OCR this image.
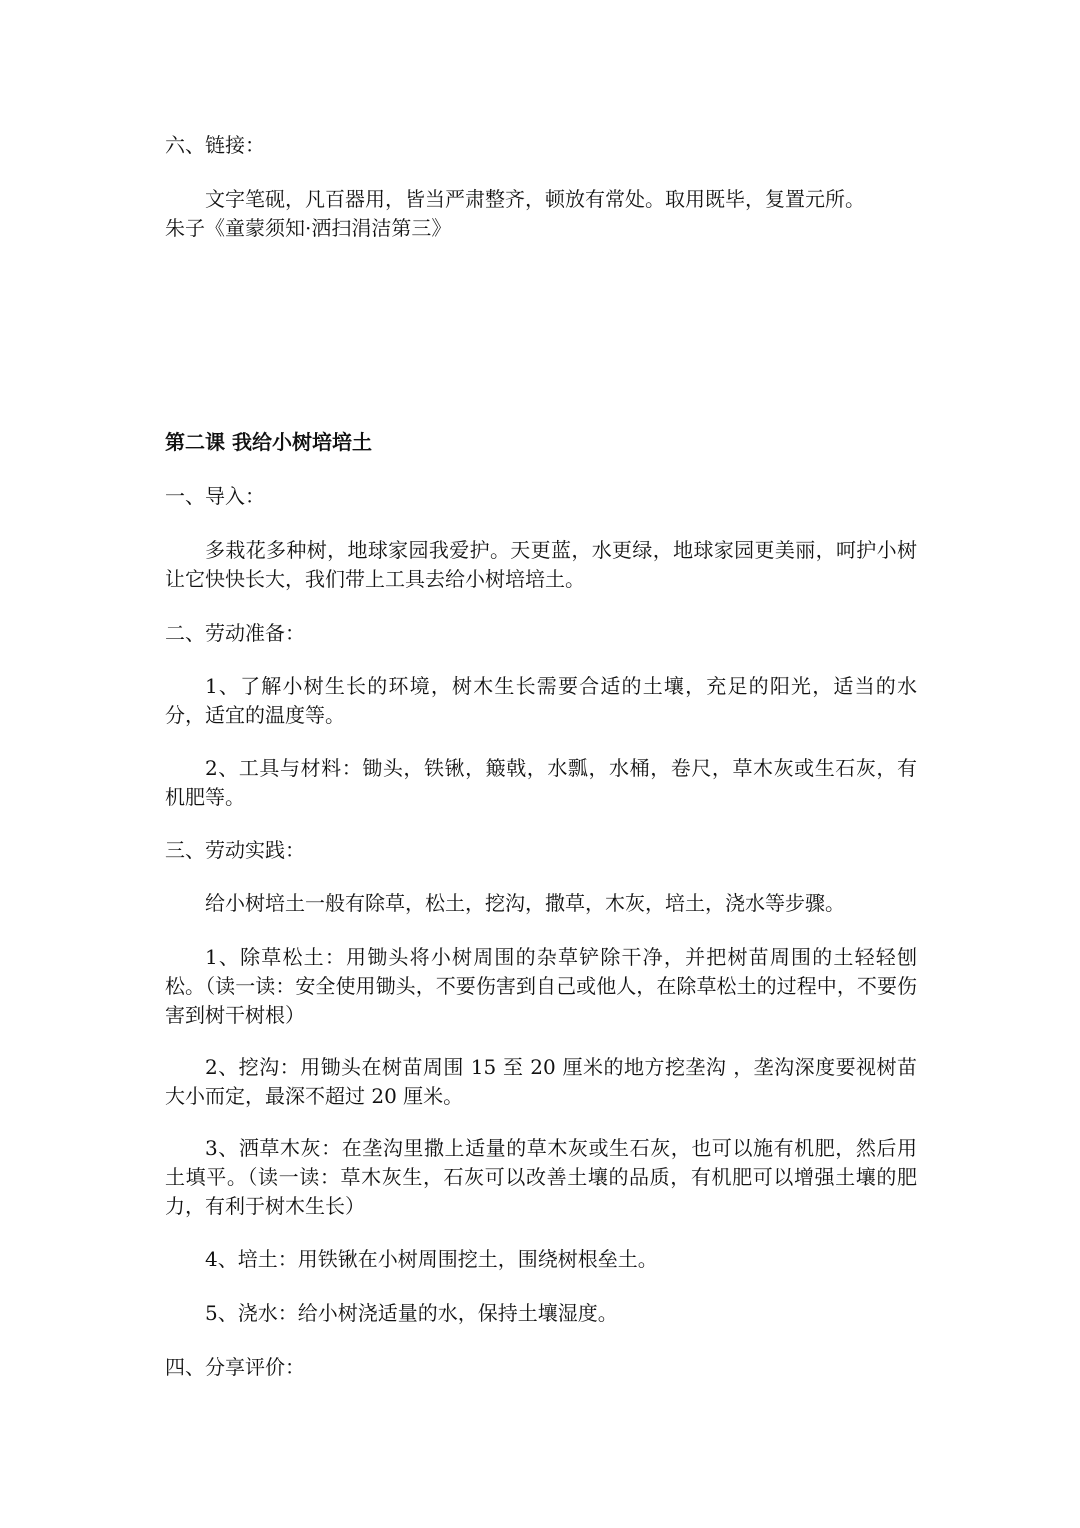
六、链接：
文字笔砚，凡百器用，皆当严肃整齐，顿放有常处。取用既毕，复置元所。
朱子《童蒙须知·洒扫涓洁第三》
第二课 我给小树培培土
一、导入：
多栽花多种树，地球家园我爱护。天更蓝，水更绿，地球家园更美丽，呵护小树让它快快长大，我们带上工具去给小树培培土。
二、劳动准备：
1、了解小树生长的环境，树木生长需要合适的土壤，充足的阳光，适当的水分，适宜的温度等。
2、工具与材料：锄头，铁锹，簸戟，水瓢，水桶，卷尺，草木灰或生石灰，有机肥等。
三、劳动实践：
给小树培土一般有除草，松土，挖沟，撒草，木灰，培土，浇水等步骤。
1、除草松土：用锄头将小树周围的杂草铲除干净，并把树苗周围的土轻轻刨松。（读一读：安全使用锄头，不要伤害到自己或他人，在除草松土的过程中，不要伤害到树干树根）
2、挖沟：用锄头在树苗周围 15 至 20 厘米的地方挖垄沟 ，垄沟深度要视树苗大小而定，最深不超过 20 厘米。
3、洒草木灰：在垄沟里撒上适量的草木灰或生石灰，也可以施有机肥，然后用土填平。（读一读：草木灰生，石灰可以改善土壤的品质，有机肥可以增强土壤的肥力，有利于树木生长）
4、培土：用铁锹在小树周围挖土，围绕树根垒土。
5、浇水：给小树浇适量的水，保持土壤湿度。
四、分享评价：
